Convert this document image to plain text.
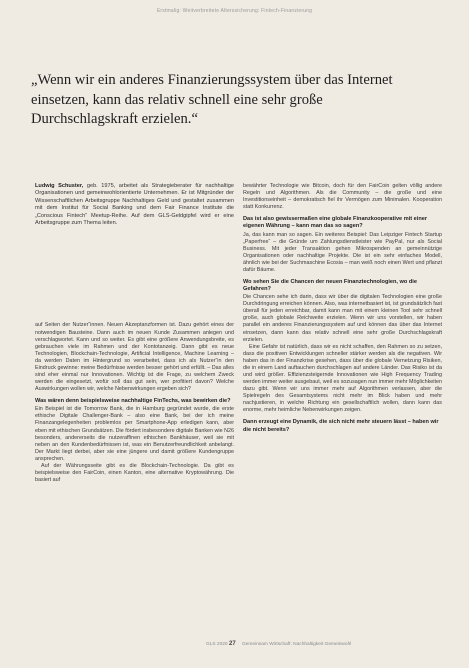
Erstmalig: Weitverbreitete Alterssicherung: Fintech-Finanzierung
„Wenn wir ein anderes Finanzierungssystem über das Internet einsetzen, kann das relativ schnell eine sehr große Durchschlagskraft erzielen.“

Ludwig Schuster, geb. 1975, arbeitet als Strategieberater für nachhaltige Organisationen und gemeinwohlorientierte Unternehmen. Er ist Mitgründer der Wissenschaftlichen Arbeitsgruppe Nachhaltiges Geld und gestaltet zusammen mit dem Institut für Social Banking und dem Fair Finance Institute die „Conscious Fintech“ Meetup-Reihe. Auf dem GLS-Geldgipfel wird er eine Arbeitsgruppe zum Thema leiten.

auf Seiten der Nutzer“innen. Neuen Akzeptanzformen ist. Dazu gehört eines der notwendigen Bausteine. Dann auch im neuen Kunde Zusammen anlegen und verschlagwortet. Kann und so weiter. Es gibt eine größere Anwendungsbreite, es gebrauchen viele im Rahmen und der Kontotanzeig. Dann gibt es neue Technologien, Blockchain-Technologie, Artificial Intelligence, Machine Learning – da werden Daten im Hintergrund so verarbeitet, dass ich als Nutzer“in den Eindruck gewinne: meine Bedürfnisse werden besser gehört und erfüllt. – Das alles sind eher einmal nur Innovationen. Wichtig ist die Frage, zu welchem Zweck werden die eingesetzt, wofür soll das gut sein, wer profitiert davon? Welche Auswirkungen wollen wir, welche Nebenwirkungen ergeben sich?

Was wären denn beispielsweise nachhaltige FinTechs, was bewirken die?

Ein Beispiel ist die Tomorrow Bank, die in Hamburg gegründet wurde, die erste ethische Digitale Challenger-Bank – also eine Bank, bei der ich meine Finanzangelegenheiten problemlos per Smartphone-App erledigen kann, aber eben mit ethischen Grundsätzen. Die fördert insbesondere digitale Banken wie N26 besonders, andererseits die nutzeraffinen ethischen Bankhäuser, weil sie mit neben an den Kundenbedürfnissen ist, was ein Benutzerfreundlichkeit anbelangt. Der Markt liegt derbei, aber sie eine jüngere und damit größere Kundengruppe ansprechen.

Auf der Währungsseite gibt es die Blockchain-Technologie. Da gibt es beispielsweise den FairCoin, einen Kanton, eine alternative Kryptowährung. Die basiert auf

bewährter Technologie wie Bitcoin, doch für den FairCoin gelten völlig andere Regeln und Algorithmen. Als die Community – die große und eine Investitionseinheit – demokratisch fiel ihr Vermögen zum Minimalen. Kooperation statt Konkurrenz.

Das ist also gewissermaßen eine globale Finanzkooperative mit einer eigenen Währung – kann man das so sagen?

Ja, das kann man so sagen. Ein weiteres Beispiel: Das Leipziger Fintech Startup „Paperfree“ – die Gründe um Zahlungsdienstleister wie PayPal, nur als Social Business. Mit jeder Transaktion gehen Mikrospenden an gemeinnützige Organisationen oder nachhaltige Projekte. Die ist ein sehr einfaches Modell, ähnlich wie bei der Suchmaschine Ecosia – man weiß noch einen Wert und pflanzt dafür Bäume.

Wo sehen Sie die Chancen der neuen Finanztechnologien, wo die Gefahren?

Die Chancen sehe ich darin, dass wir über die digitalen Technologien eine große Durchdringung erreichen können. Also, was internetbasiert ist, ist grundsätzlich fast überall für jeden erreichbar, damit kann man mit einem kleinen Tool sehr schnell große, auch globale Reichweite erzielen. Wenn wir uns vorstellen, wir haben parallel ein anderes Finanzierungssystem auf und können das über das Internet einsetzen, dann kann das relativ schnell eine sehr große Durchschlagskraft erzielen.

Eine Gefahr ist natürlich, dass wir es nicht schaffen, den Rahmen so zu setzen, dass die positiven Entwicklungen schneller stärker werden als die negativen. Wir haben das in der Finanzkrise gesehen, dass über die globale Vernetzung Risiken, die in einem Land auftauchen durchschlagen auf andere Länder. Das Risiko ist da und wird größer. Effizienzsteigernde Innovationen wie High Frequency Trading werden immer weiter ausgebaut, weil es sozusagen nun immer mehr Möglichkeiten dazu gibt. Wenn wir uns immer mehr auf Algorithmen verlassen, aber die Spielregeln des Gesamtsystems nicht mehr im Blick haben und mehr nachjustieren, in welche Richtung ein gesellschaftlich wollen, dann kann das enorme, mehr heimliche Nebenwirkungen zeigen.

Dann erzeugt eine Dynamik, die sich nicht mehr steuern lässt – haben wir die nicht bereits?
GLS 2020 27 Gemeinsam Wirtschaft: Nachhaltigkeit Gemeinwohl
